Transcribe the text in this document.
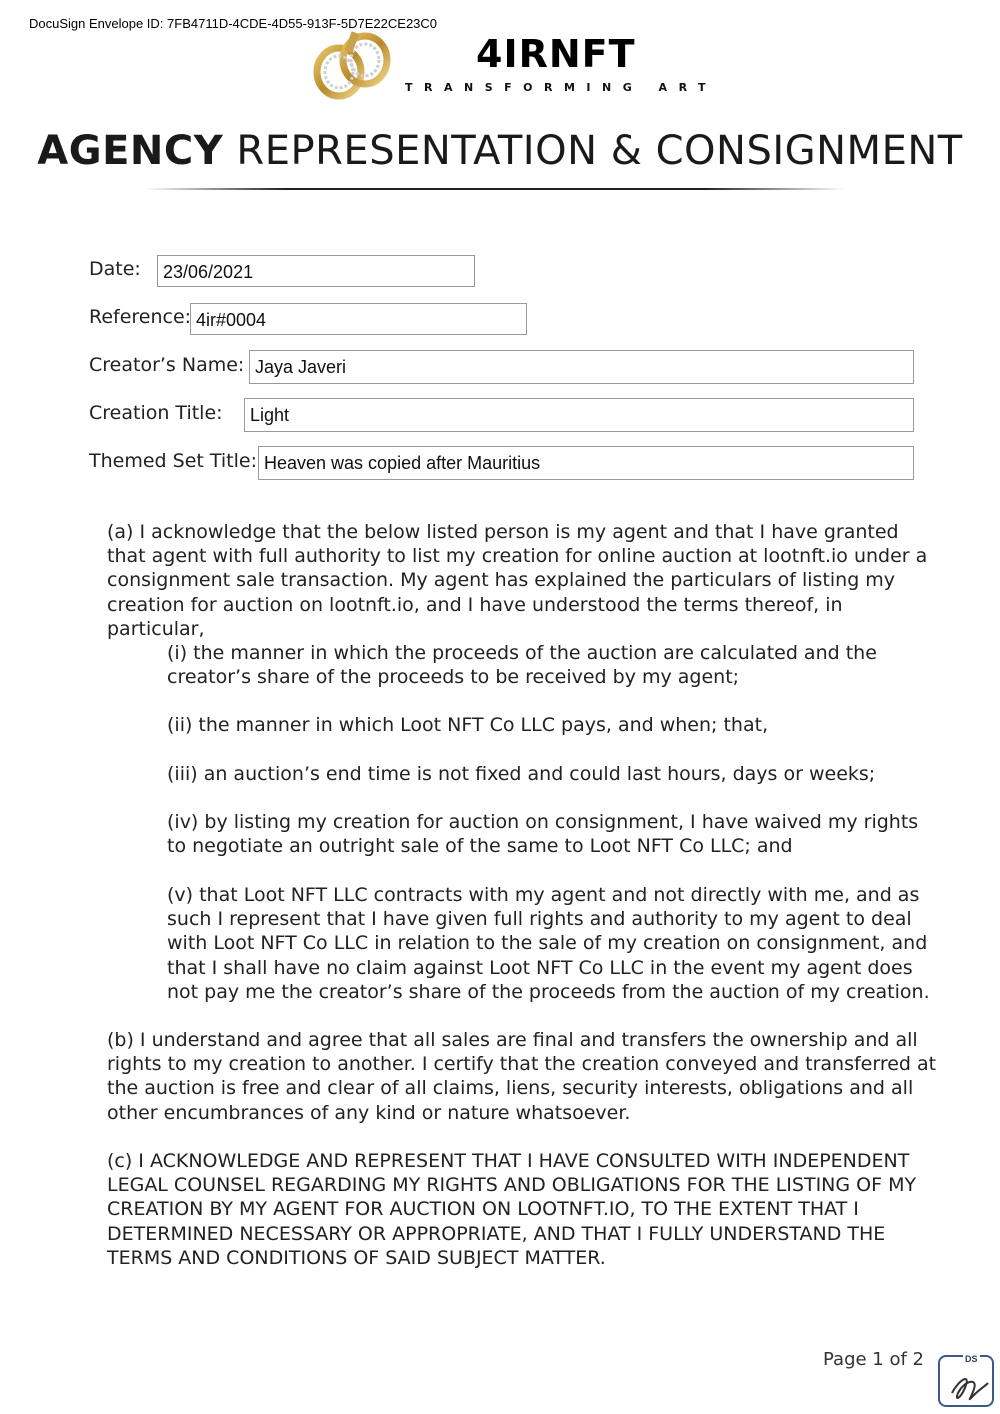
DocuSign Envelope ID: 7FB4711D-4CDE-4D55-913F-5D7E22CE23C0
4IRNFT
TRANSFORMING ART
AGENCY REPRESENTATION & CONSIGNMENT
Date:	23/06/2021
Reference: 4ir#0004
Creator’s Name: Jaya Javeri
Creation Title:	Light
Themed Set Title: Heaven was copied after Mauritius

(a) I acknowledge that the below listed person is my agent and that I have granted that agent with full authority to list my creation for online auction at lootnft.io under a consignment sale transaction. My agent has explained the particulars of listing my creation for auction on lootnft.io, and I have understood the terms thereof, in particular,

(i) the manner in which the proceeds of the auction are calculated and the creator’s share of the proceeds to be received by my agent;

(ii) the manner in which Loot NFT Co LLC pays, and when; that,

(iii) an auction’s end time is not fixed and could last hours, days or weeks;

(iv) by listing my creation for auction on consignment, I have waived my rights to negotiate an outright sale of the same to Loot NFT Co LLC; and

(v) that Loot NFT LLC contracts with my agent and not directly with me, and as such I represent that I have given full rights and authority to my agent to deal with Loot NFT Co LLC in relation to the sale of my creation on consignment, and that I shall have no claim against Loot NFT Co LLC in the event my agent does not pay me the creator’s share of the proceeds from the auction of my creation.

(b) I understand and agree that all sales are final and transfers the ownership and all rights to my creation to another. I certify that the creation conveyed and transferred at the auction is free and clear of all claims, liens, security interests, obligations and all other encumbrances of any kind or nature whatsoever.

(c) I ACKNOWLEDGE AND REPRESENT THAT I HAVE CONSULTED WITH INDEPENDENT LEGAL COUNSEL REGARDING MY RIGHTS AND OBLIGATIONS FOR THE LISTING OF MY CREATION BY MY AGENT FOR AUCTION ON LOOTNFT.IO, TO THE EXTENT THAT I DETERMINED NECESSARY OR APPROPRIATE, AND THAT I FULLY UNDERSTAND THE TERMS AND CONDITIONS OF SAID SUBJECT MATTER.

Page 1 of 2	DS
